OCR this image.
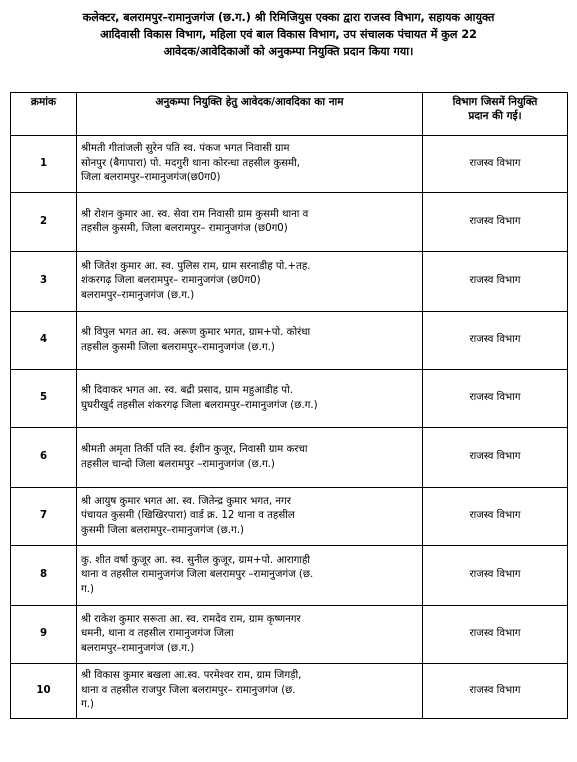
कलेक्टर, बलरामपुर–रामानुजगंज (छ.ग.) श्री रिमिजियुस एक्का द्वारा राजस्व विभाग, सहायक आयुक्त
आदिवासी विकास विभाग, महिला एवं बाल विकास विभाग, उप संचालक पंचायत में कुल 22
आवेदक/आवेदिकाओं को अनुकम्पा नियुक्ति प्रदान किया गया।
क्रमांक	अनुकम्पा नियुक्ति हेतु आवेदक/आवदिका का नाम	विभाग जिसमें नियुक्ति
प्रदान की गई।

1	श्रीमती गीतांजली सुरेन पति स्व. पंकज भगत निवासी ग्राम
सोनपुर (बैगापारा) पो. मदगुरी थाना कोरन्धा तहसील कुसमी,
जिला बलरामपुर–रामानुजगंज(छ0ग0)	राजस्व विभाग
2	श्री रोशन कुमार आ. स्व. सेवा राम निवासी ग्राम कुसमी थाना व
तहसील कुसमी, जिला बलरामपुर– रामानुजगंज (छ0ग0)	राजस्व विभाग
3	श्री जितेश कुमार आ. स्व. पुलिस राम, ग्राम सरनाडीह पो.+तह.
शंकरगढ़ जिला बलरामपुर– रामानुजगंज (छ0ग0)
बलरामपुर–रामानुजगंज (छ.ग.)	राजस्व विभाग
4	श्री विपुल भगत आ. स्व. अरूण कुमार भगत, ग्राम+पो. कोरंधा
तहसील कुसमी जिला बलरामपुर–रामानुजगंज (छ.ग.)	राजस्व विभाग
5	श्री दिवाकर भगत आ. स्व. बद्री प्रसाद, ग्राम महुआडीह पो.
घुघरीखुर्द तहसील शंकरगढ़ जिला बलरामपुर–रामानुजगंज (छ.ग.)	राजस्व विभाग
6	श्रीमती अमृता तिर्की पति स्व. ईशीन कुजूर, निवासी ग्राम करचा
तहसील चान्दो जिला बलरामपुर –रामानुजगंज (छ.ग.)	राजस्व विभाग
7	श्री आयुष कुमार भगत आ. स्व. जितेन्द्र कुमार भगत, नगर
पंचायत कुसमी (खिखिरपारा) वार्ड क्र. 12 थाना व तहसील
कुसमी जिला बलरामपुर–रामानुजगंज (छ.ग.)	राजस्व विभाग
8	कु. शीत वर्षा कुजूर आ. स्व. सुनील कुजूर, ग्राम+पो. आरागाही
थाना व तहसील रामानुजगंज जिला बलरामपुर –रामानुजगंज (छ.
ग.)	राजस्व विभाग
9	श्री राकेश कुमार सरूता आ. स्व. रामदेव राम, ग्राम कृष्णनगर
धमनी, थाना व तहसील रामानुजगंज जिला
बलरामपुर–रामानुजगंज (छ.ग.)	राजस्व विभाग
10	श्री विकास कुमार बखला आ.स्व. परमेश्वर राम, ग्राम जिगड़ी,
थाना व तहसील राजपुर जिला बलरामपुर– रामानुजगंज (छ.
ग.)	राजस्व विभाग
